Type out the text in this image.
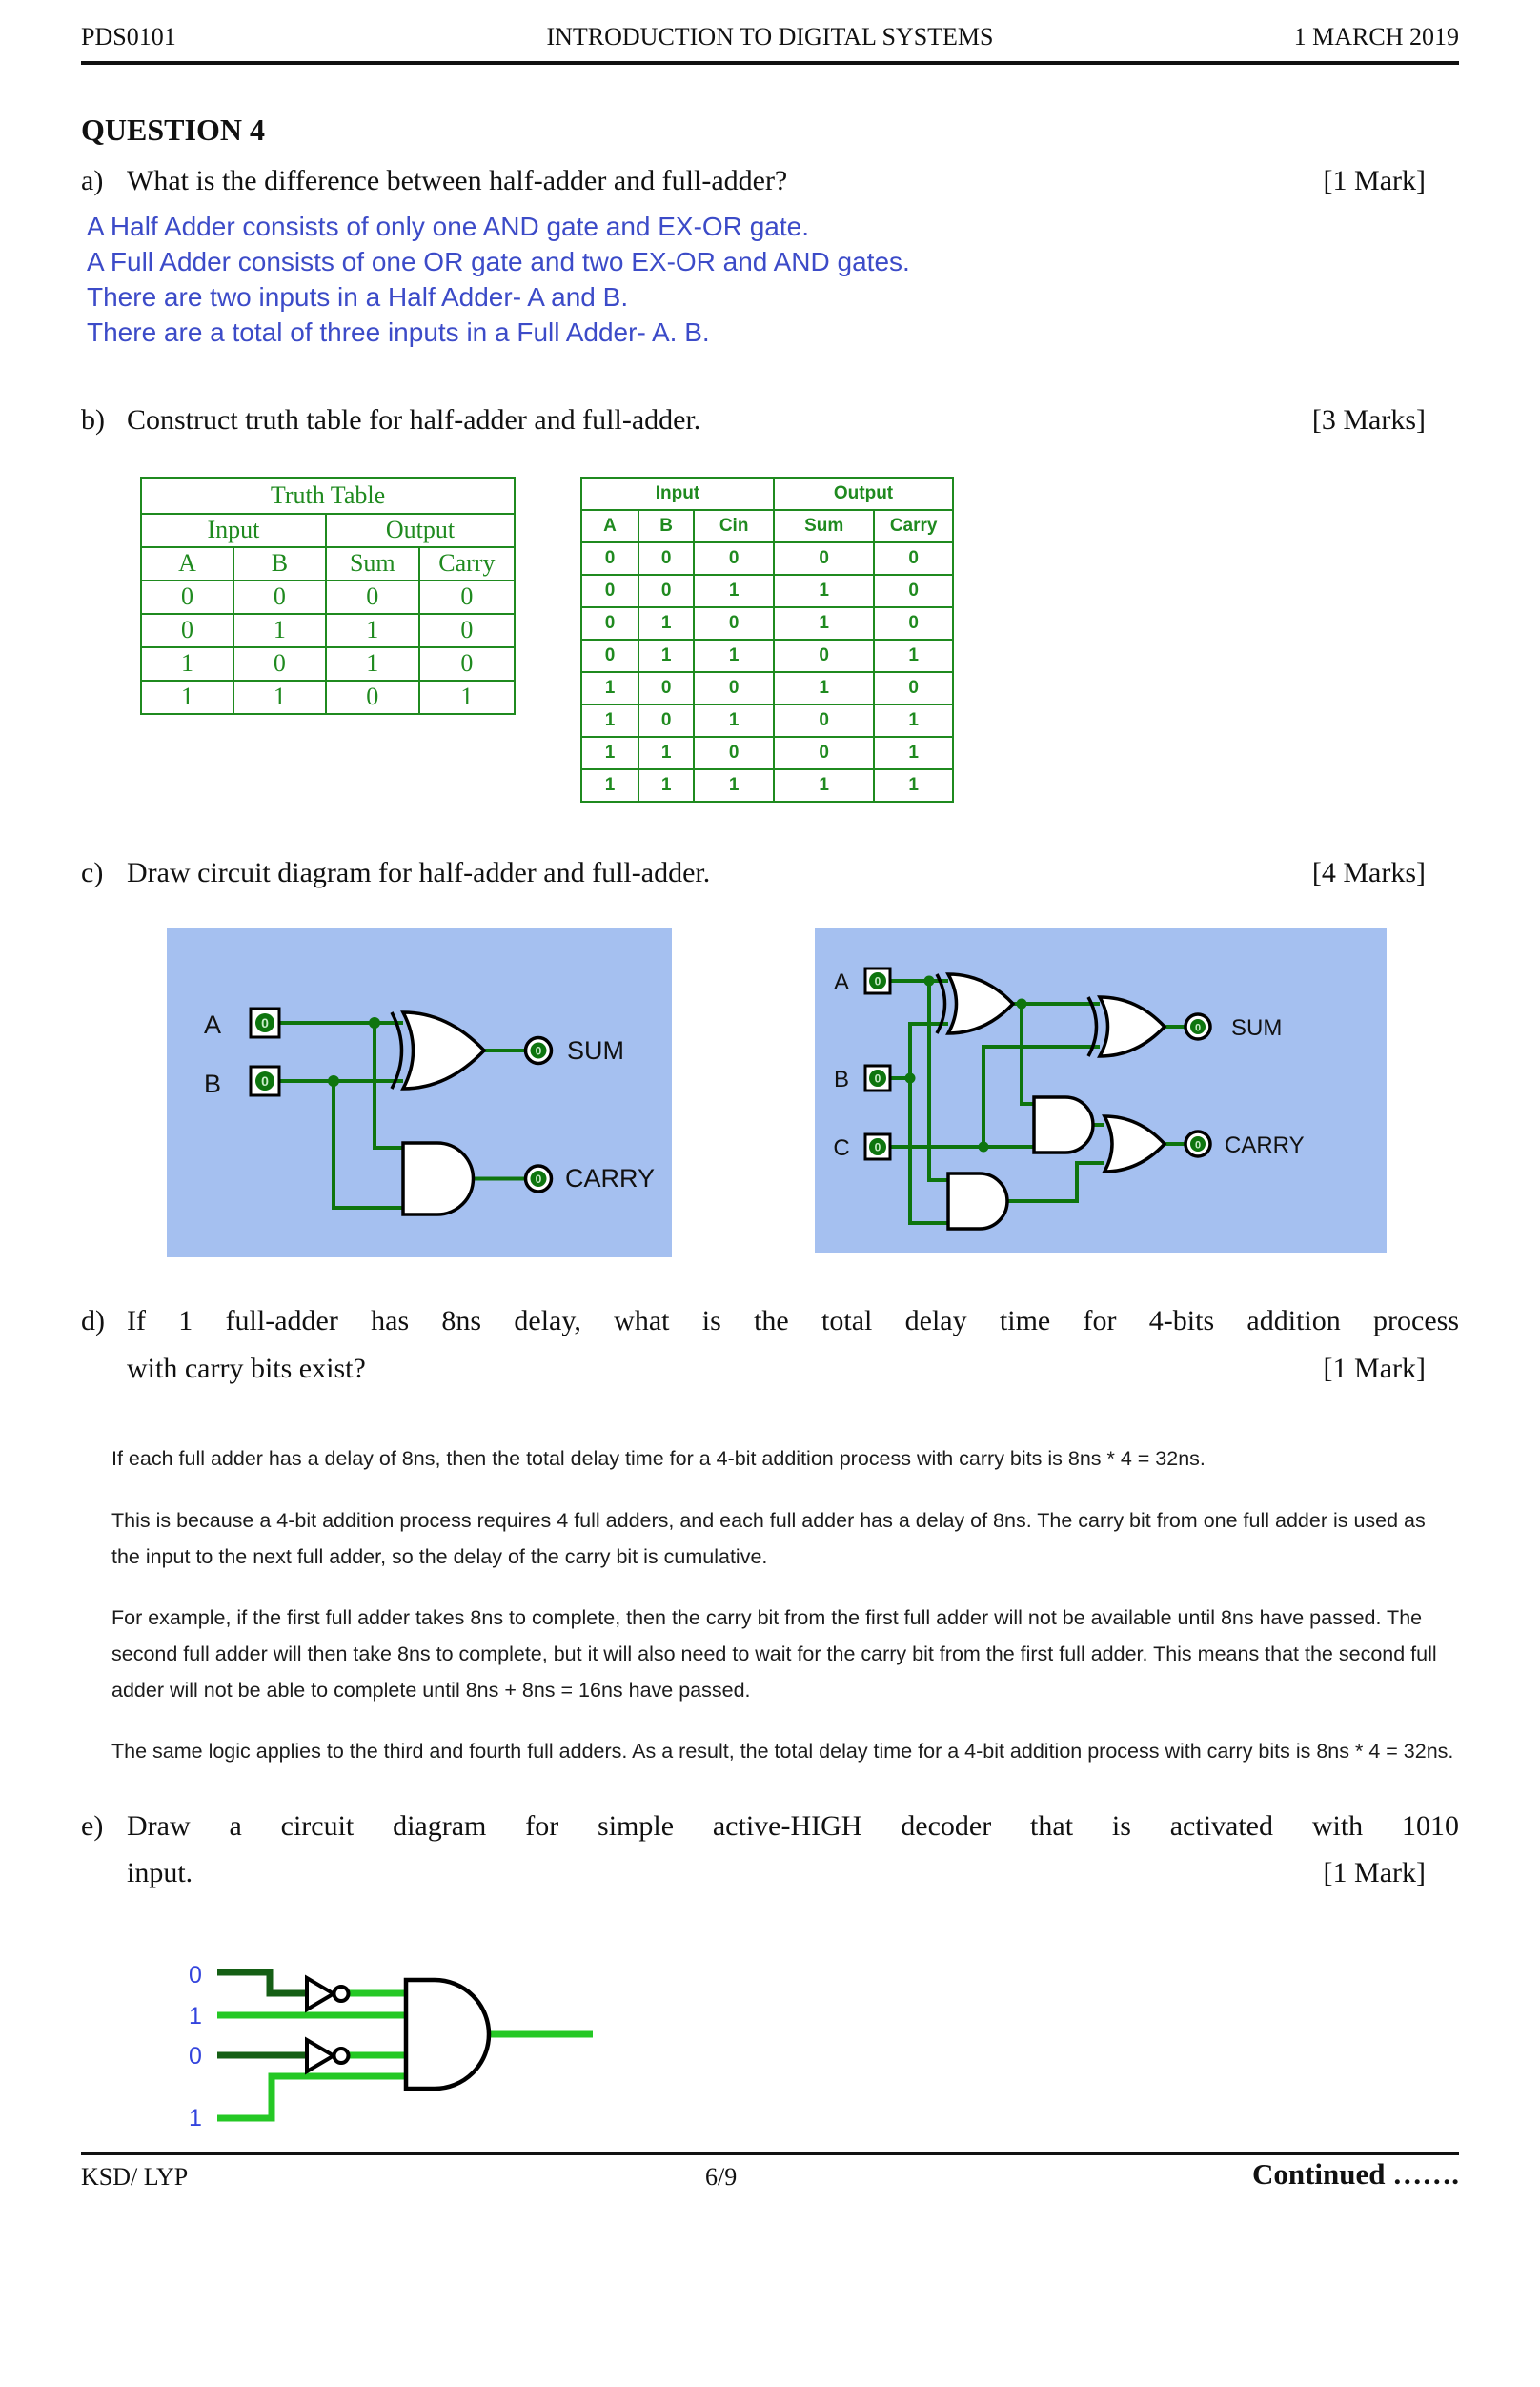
PDS0101	INTRODUCTION TO DIGITAL SYSTEMS	1 MARCH 2019
QUESTION 4
a) What is the difference between half-adder and full-adder?	[1 Mark]

A Half Adder consists of only one AND gate and EX-OR gate.

A Full Adder consists of one OR gate and two EX-OR and AND gates.

There are two inputs in a Half Adder- A and B.

There are a total of three inputs in a Full Adder- A. B.

b) Construct truth table for half-adder and full-adder.	[3 Marks]
Truth Table			
Input		Output	
A	B	Sum	Carry
0	0	0	0
0	1	1	0
1	0	1	0
1	1	0	1
Input			Output	
A	B	Cin	Sum	Carry
0	0	0	0	0
0	0	1	1	0
0	1	0	1	0
0	1	1	0	1
1	0	0	1	0
1	0	1	0	1
1	1	0	0	1
1	1	1	1	1
c) Draw circuit diagram for half-adder and full-adder.	[4 Marks]
A
B
0
0
0 SUM
0 CARRY
A
B
C
0
0
0
0 SUM
0 CARRY
d) If 1 full-adder has 8ns delay, what is the total delay time for 4-bits addition process
with carry bits exist?	[1 Mark]

If each full adder has a delay of 8ns, then the total delay time for a 4-bit addition process with carry bits is 8ns * 4 = 32ns.

This is because a 4-bit addition process requires 4 full adders, and each full adder has a delay of 8ns. The carry bit from one full adder is used as the input to the next full adder, so the delay of the carry bit is cumulative.

For example, if the first full adder takes 8ns to complete, then the carry bit from the first full adder will not be available until 8ns have passed. The second full adder will then take 8ns to complete, but it will also need to wait for the carry bit from the first full adder. This means that the second full adder will not be able to complete until 8ns + 8ns = 16ns have passed.

The same logic applies to the third and fourth full adders. As a result, the total delay time for a 4-bit addition process with carry bits is 8ns * 4 = 32ns.

e) Draw a circuit diagram for simple active-HIGH decoder that is activated with 1010
input.	[1 Mark]
0
1
0
1
Continued …….
KSD/ LYP	6/9
